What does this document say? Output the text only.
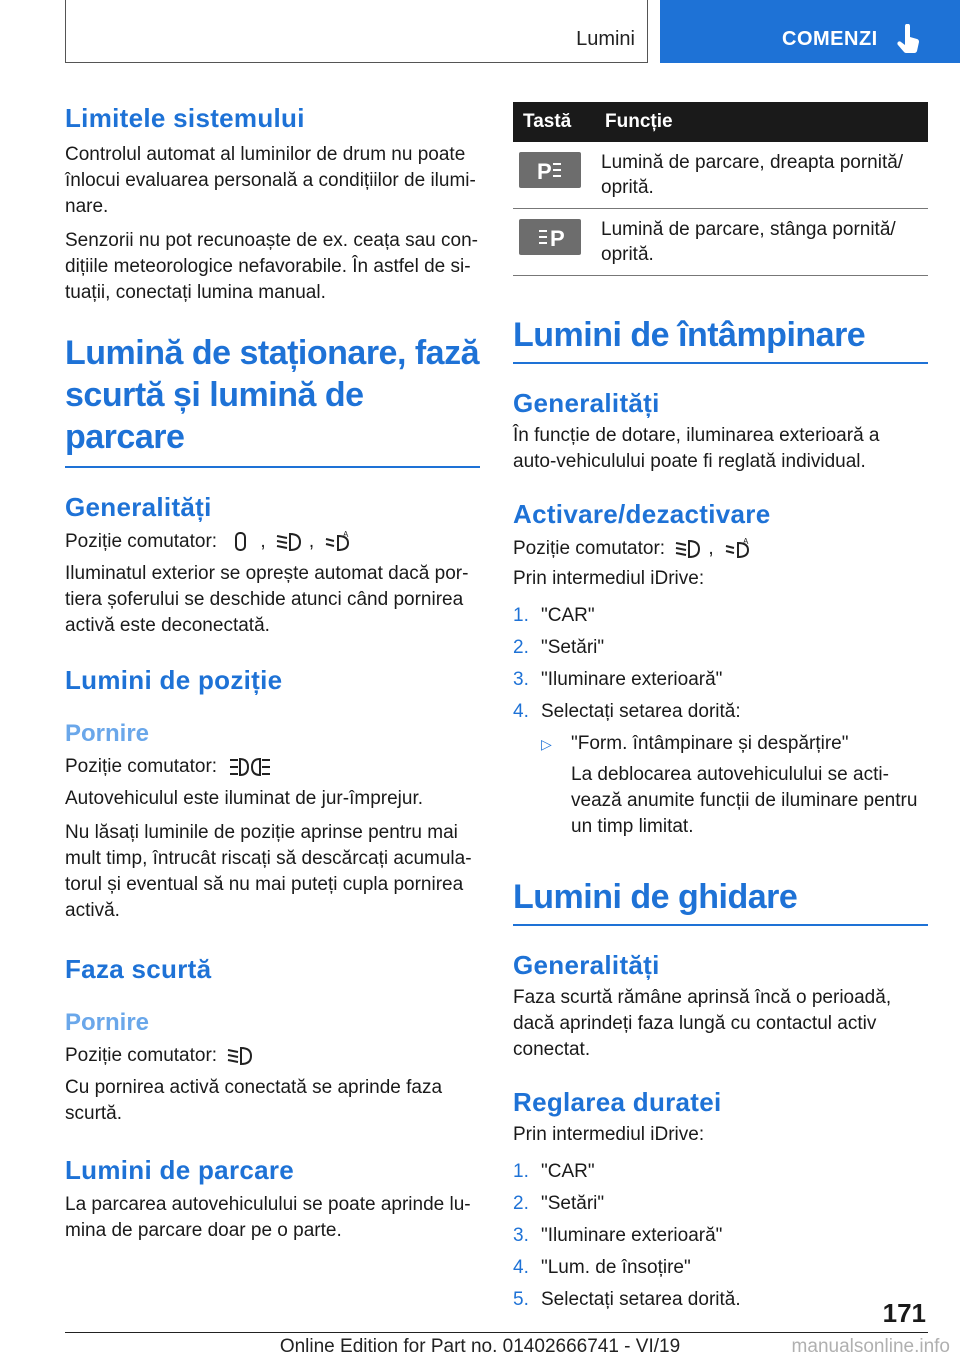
Lumini	COMENZI
Limitele sistemului

Controlul automat al luminilor de drum nu poate înlocui evaluarea personală a condițiilor de ilumi-nare.

Senzorii nu pot recunoaște de ex. ceața sau con-dițiile meteorologice nefavorabile. În astfel de si-tuații, conectați lumina manual.

Lumină de staționare, fază scurtă și lumină de parcare
Generalități

Poziție comutator: , ,	A

Iluminatul exterior se oprește automat dacă por-tiera șoferului se deschide atunci când pornirea activă este deconectată.

Lumini de poziție
Pornire

Poziție comutator:

Autovehiculul este iluminat de jur-împrejur.

Nu lăsați luminile de poziție aprinse pentru mai mult timp, întrucât riscați să descărcați acumula-torul și eventual să nu mai puteți cupla pornirea activă.

Faza scurtă
Pornire

Poziție comutator:

Cu pornirea activă conectată se aprinde faza scurtă.

Lumini de parcare

La parcarea autovehiculului se poate aprinde lu-mina de parcare doar pe o parte.

Tastă	Funcție

P	Lumină de parcare, dreapta pornită/ oprită.

P	Lumină de parcare, stânga pornită/ oprită.
Lumini de întâmpinare
Generalități

În funcție de dotare, iluminarea exterioară a auto-vehiculului poate fi reglată individual.

Activare/dezactivare

Poziție comutator: ,	A

Prin intermediul iDrive:

1. "CAR"
2. "Setări"
3. "Iluminare exterioară"
4. Selectați setarea dorită:
▷ "Form. întâmpinare și despărțire"

La deblocarea autovehiculului se acti-vează anumite funcții de iluminare pentru un timp limitat.

Lumini de ghidare
Generalități

Faza scurtă rămâne aprinsă încă o perioadă, dacă aprindeți faza lungă cu contactul activ conectat.

Reglarea duratei

Prin intermediul iDrive:

1. "CAR"
2. "Setări"
3. "Iluminare exterioară"
4. "Lum. de însoțire"
5. Selectați setarea dorită.	171
Online Edition for Part no. 01402666741 - VI/19	manualsonline.info
